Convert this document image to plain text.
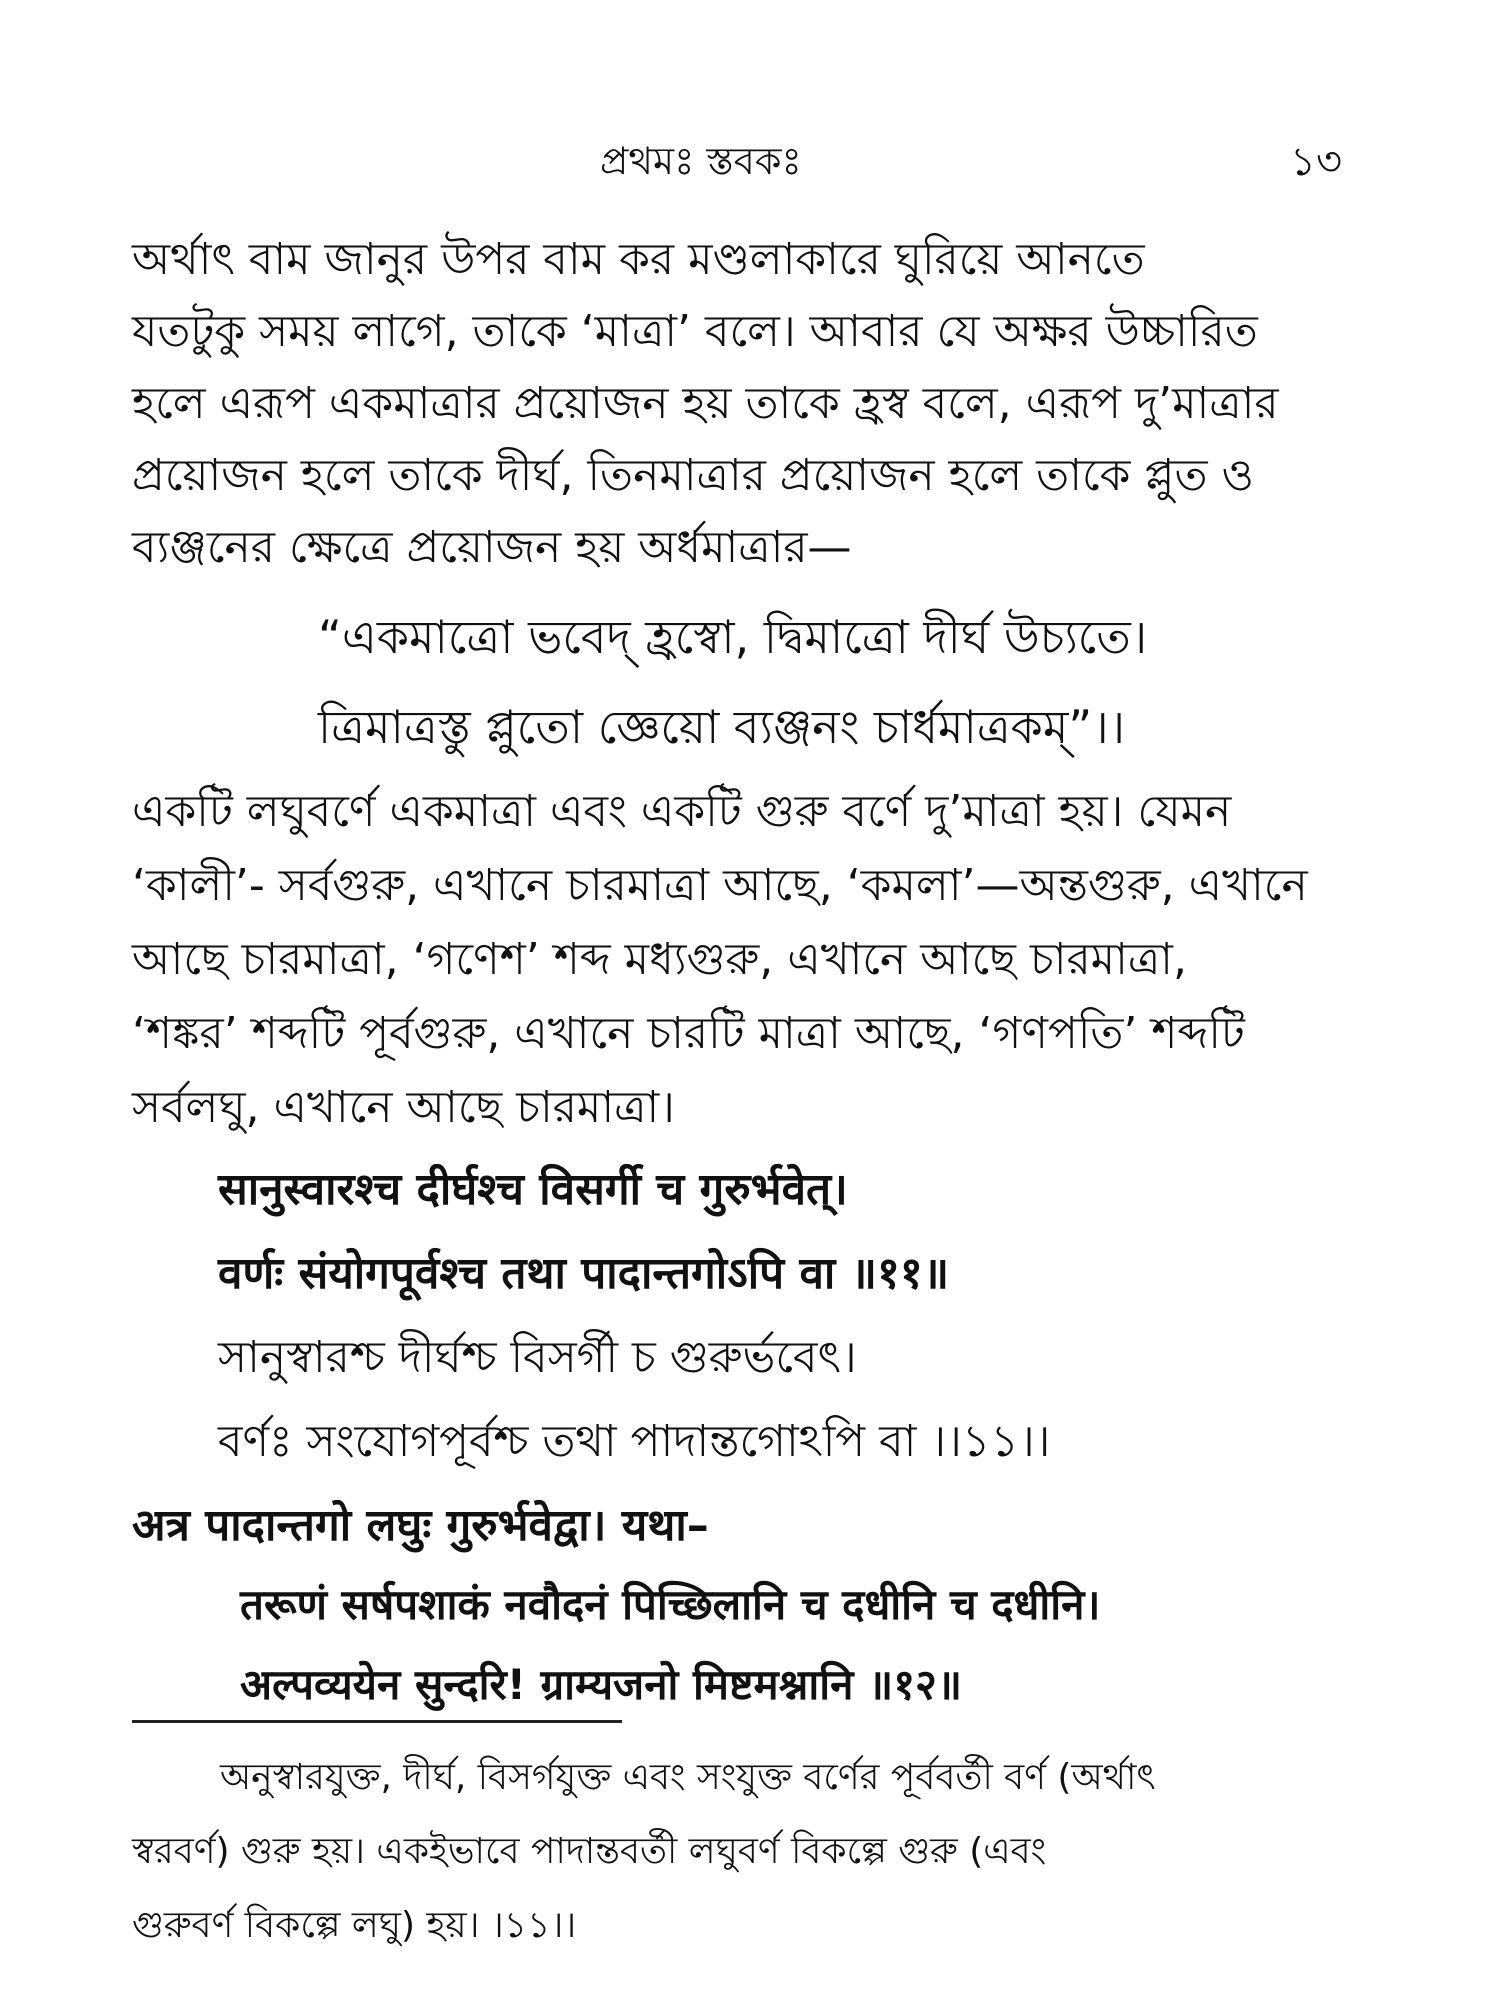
প্রথমঃ স্তবকঃ	১৩
অর্থাৎ বাম জানুর উপর বাম কর মণ্ডলাকারে ঘুরিয়ে আনতে
যতটুকু সময় লাগে, তাকে ‘মাত্রা’ বলে। আবার যে অক্ষর উচ্চারিত
হলে এরূপ একমাত্রার প্রয়োজন হয় তাকে হ্রস্ব বলে, এরূপ দু’মাত্রার
প্রয়োজন হলে তাকে দীর্ঘ, তিনমাত্রার প্রয়োজন হলে তাকে প্লুত ও
ব্যঞ্জনের ক্ষেত্রে প্রয়োজন হয় অর্ধমাত্রার—
“একমাত্রো ভবেদ্‌ হ্রস্বো, দ্বিমাত্রো দীর্ঘ উচ্যতে।
ত্রিমাত্রস্তু প্লুতো জ্ঞেয়ো ব্যঞ্জনং চার্ধমাত্রকম্‌”।।
একটি লঘুবর্ণে একমাত্রা এবং একটি গুরু বর্ণে দু’মাত্রা হয়। যেমন
‘কালী’- সর্বগুরু, এখানে চারমাত্রা আছে, ‘কমলা’—অন্তগুরু, এখানে
আছে চারমাত্রা, ‘গণেশ’ শব্দ মধ্যগুরু, এখানে আছে চারমাত্রা,
‘শঙ্কর’ শব্দটি পূর্বগুরু, এখানে চারটি মাত্রা আছে, ‘গণপতি’ শব্দটি
সর্বলঘু, এখানে আছে চারমাত্রা।
सानुस्वारश्च दीर्घश्च विसर्गी च गुरुर्भवेत्।
वर्णः संयोगपूर्वश्च तथा पादान्तगोऽपि वा ॥११॥
সানুস্বারশ্চ দীর্ঘশ্চ বিসর্গী চ গুরুর্ভবেৎ।
বর্ণঃ সংযোগপূর্বশ্চ তথা পাদান্তগোঽপি বা ।।১১।।
अत्र पादान्तगो लघुः गुरुर्भवेद्वा। यथा–
तरूणं सर्षपशाकं नवौदनं पिच्छिलानि च दधीनि च दधीनि।
अल्पव्ययेन सुन्दरि! ग्राम्यजनो मिष्टमश्नानि ॥१२॥
অনুস্বারযুক্ত, দীর্ঘ, বিসর্গযুক্ত এবং সংযুক্ত বর্ণের পূর্ববর্তী বর্ণ (অর্থাৎ
স্বরবর্ণ) গুরু হয়। একইভাবে পাদান্তবর্তী লঘুবর্ণ বিকল্পে গুরু (এবং
গুরুবর্ণ বিকল্পে লঘু) হয়। ।১১।।
